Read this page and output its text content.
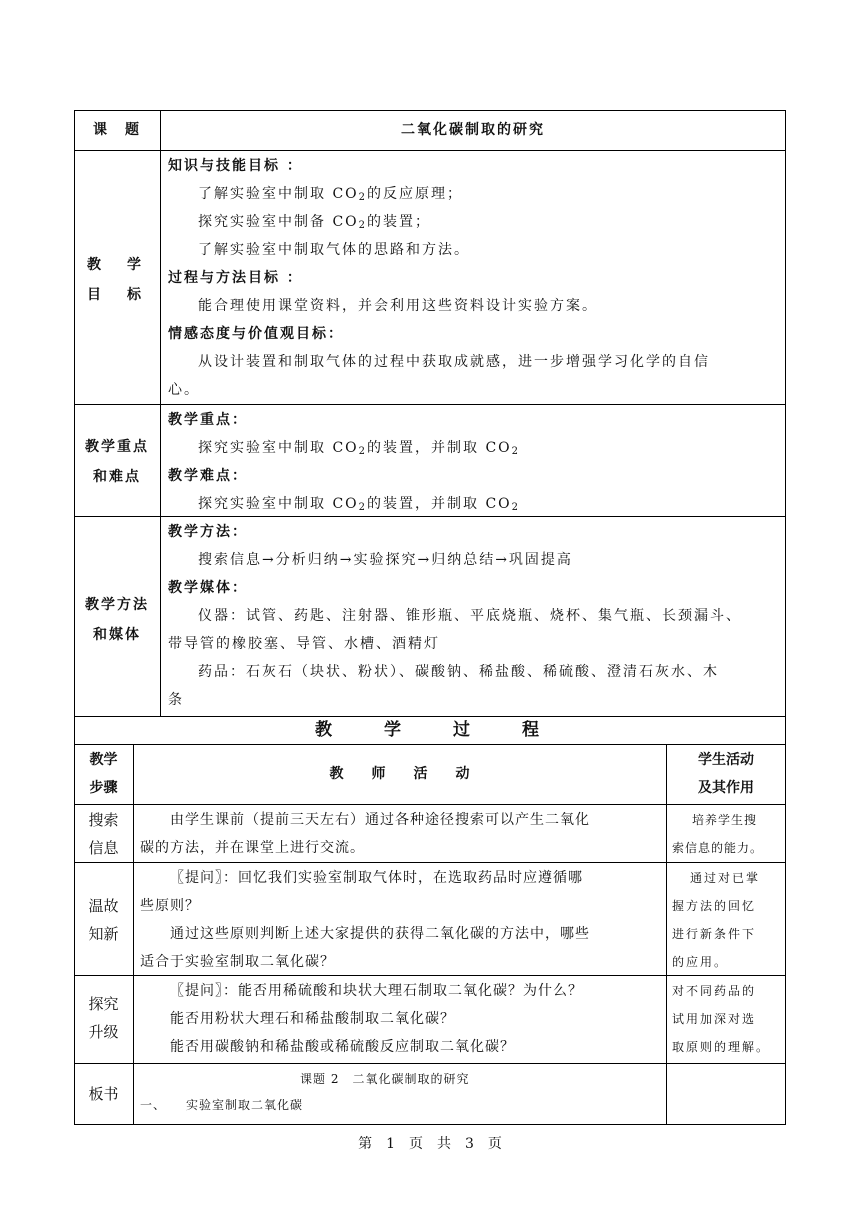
课　题	二氧化碳制取的研究

教　学

目　标

知识与技能目标 ：

了解实验室中制取 $CO_2$的反应原理；

探究实验室中制备 $CO_2$的装置；

了解实验室中制取气体的思路和方法。

过程与方法目标 ：

能合理使用课堂资料，并会利用这些资料设计实验方案。

情感态度与价值观目标：

从设计装置和制取气体的过程中获取成就感，进一步增强学习化学的自信

心。

教学重点

和难点

教学重点：

探究实验室中制取 $CO_2$的装置，并制取 $CO_2$

教学难点：

探究实验室中制取 $CO_2$的装置，并制取 $CO_2$

教学方法

和媒体

教学方法：

搜索信息→分析归纳→实验探究→归纳总结→巩固提高

教学媒体：

仪器：试管、药匙、注射器、锥形瓶、平底烧瓶、烧杯、集气瓶、长颈漏斗、

带导管的橡胶塞、导管、水槽、酒精灯

药品：石灰石（块状、粉状）、碳酸钠、稀盐酸、稀硫酸、澄清石灰水、木

条

教　　学　　过　　程

教学

步骤

教　　师　　活　　动

学生活动

及其作用

搜索

信息

由学生课前（提前三天左右）通过各种途径搜索可以产生二氧化

碳的方法，并在课堂上进行交流。

培养学生搜

索信息的能力。

温故

知新

〖提问〗：回忆我们实验室制取气体时，在选取药品时应遵循哪

些原则？

通过这些原则判断上述大家提供的获得二氧化碳的方法中，哪些

适合于实验室制取二氧化碳？

通过对已掌

握方法的回忆

进行新条件下

的应用。

探究

升级

〖提问〗：能否用稀硫酸和块状大理石制取二氧化碳？为什么？

能否用粉状大理石和稀盐酸制取二氧化碳？

能否用碳酸钠和稀盐酸或稀硫酸反应制取二氧化碳？

对不同药品的

试用加深对选

取原则的理解。

板书

课题 2　二氧化碳制取的研究

一、　　实验室制取二氧化碳

第　1　页　共　3　页
